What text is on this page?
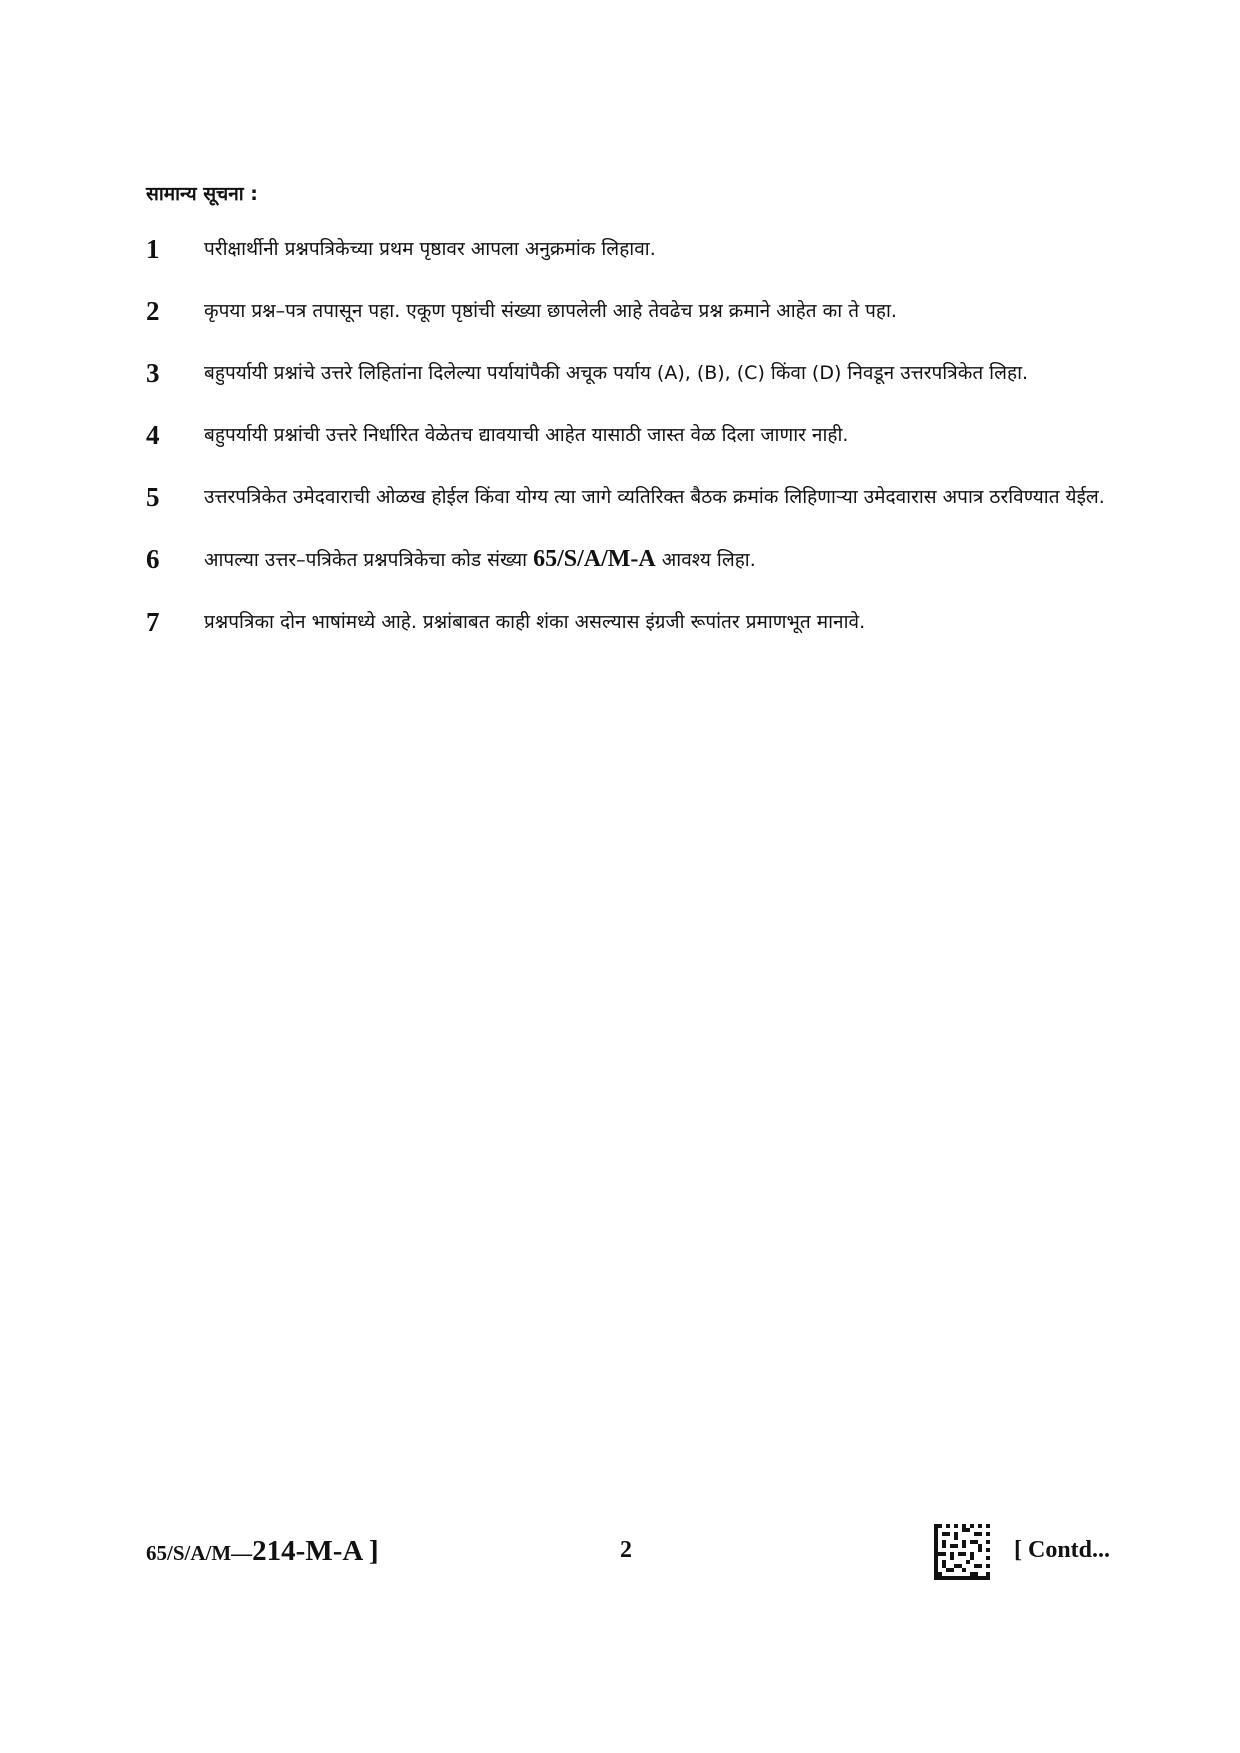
सामान्य सूचना :
1	परीक्षार्थीनी प्रश्नपत्रिकेच्या प्रथम पृष्ठावर आपला अनुक्रमांक लिहावा.
2	कृपया प्रश्न–पत्र तपासून पहा. एकूण पृष्ठांची संख्या छापलेली आहे तेवढेच प्रश्न क्रमाने आहेत का ते पहा.
3	बहुपर्यायी प्रश्नांचे उत्तरे लिहितांना दिलेल्या पर्यायांपैकी अचूक पर्याय (A), (B), (C) किंवा (D) निवडून उत्तरपत्रिकेत लिहा.
4	बहुपर्यायी प्रश्नांची उत्तरे निर्धारित वेळेतच द्यावयाची आहेत यासाठी जास्त वेळ दिला जाणार नाही.
5	उत्तरपत्रिकेत उमेदवाराची ओळख होईल किंवा योग्य त्या जागे व्यतिरिक्त बैठक क्रमांक लिहिणाऱ्या उमेदवारास अपात्र ठरविण्यात येईल.
6	आपल्या उत्तर–पत्रिकेत प्रश्नपत्रिकेचा कोड संख्या 65/S/A/M-A आवश्य लिहा.
7	प्रश्नपत्रिका दोन भाषांमध्ये आहे. प्रश्नांबाबत काही शंका असल्यास इंग्रजी रूपांतर प्रमाणभूत मानावे.
65/S/A/M—214-M-A ]	2	[ Contd...
